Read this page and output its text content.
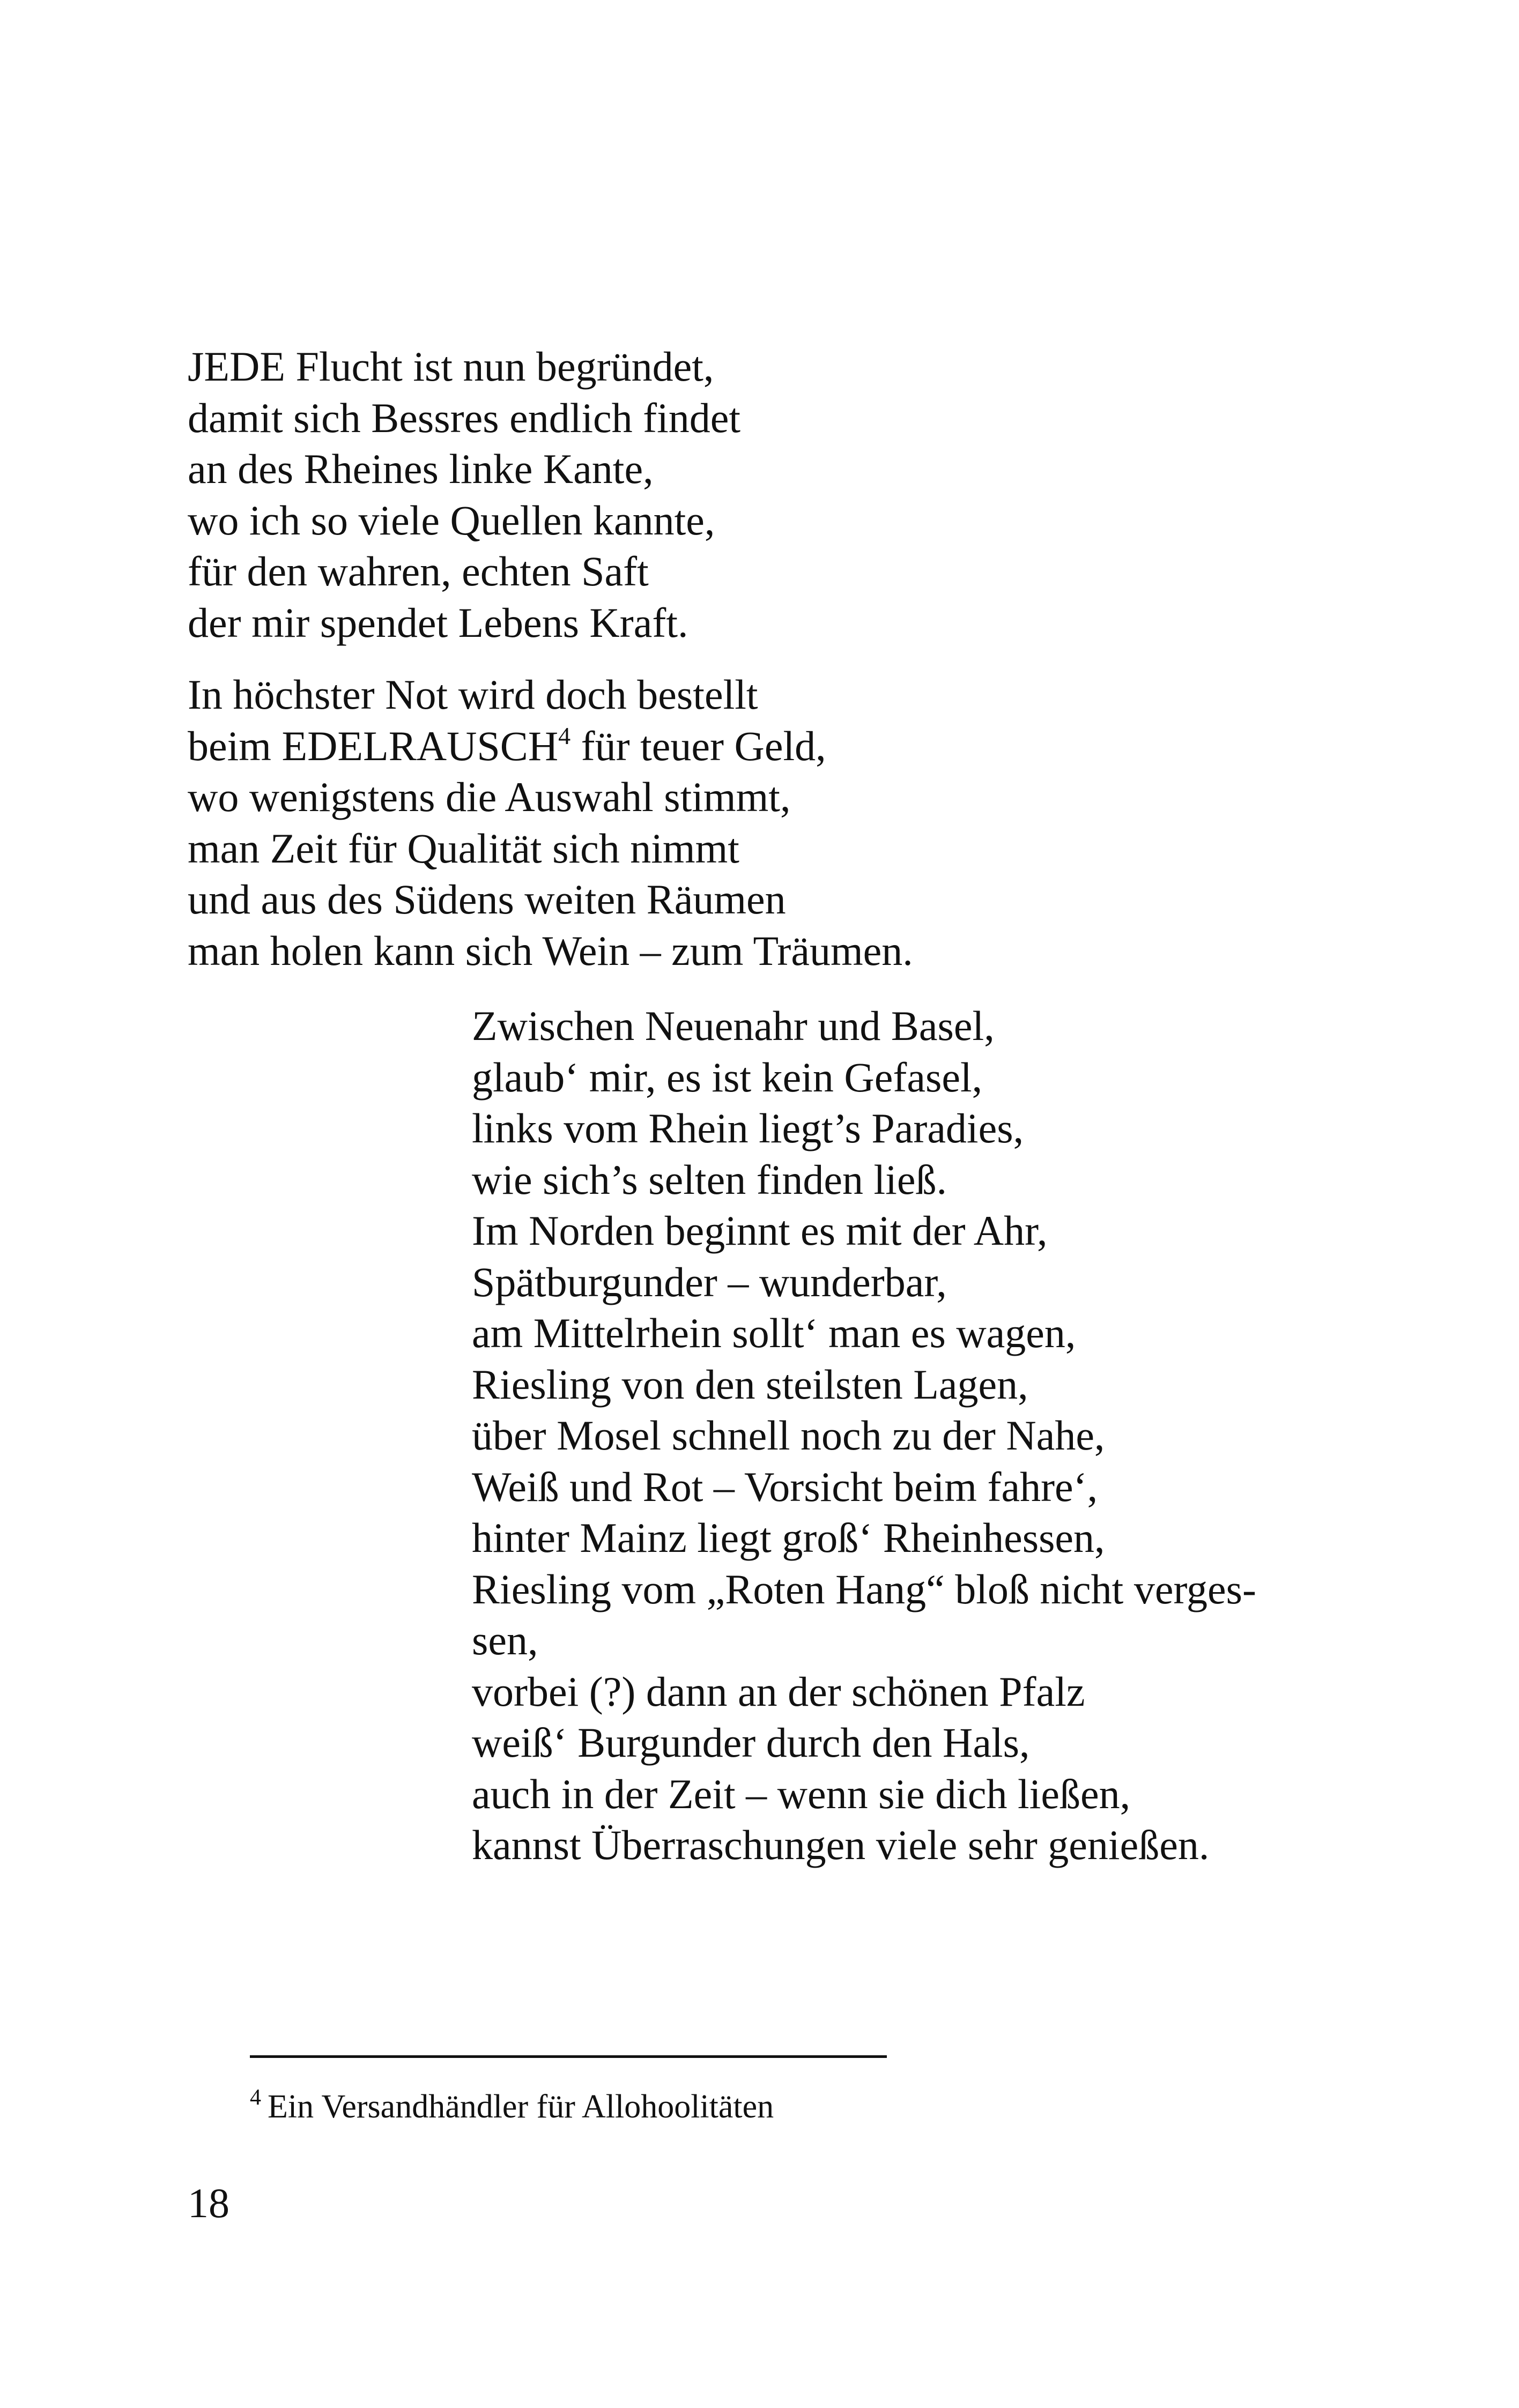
JEDE Flucht ist nun begründet,
damit sich Bessres endlich findet
an des Rheines linke Kante,
wo ich so viele Quellen kannte,
für den wahren, echten Saft
der mir spendet Lebens Kraft.
In höchster Not wird doch bestellt
beim EDELRAUSCH$^4$ für teuer Geld,
wo wenigstens die Auswahl stimmt,
man Zeit für Qualität sich nimmt
und aus des Südens weiten Räumen
man holen kann sich Wein – zum Träumen.
Zwischen Neuenahr und Basel,
glaub‘ mir, es ist kein Gefasel,
links vom Rhein liegt’s Paradies,
wie sich’s selten finden ließ.
Im Norden beginnt es mit der Ahr,
Spätburgunder – wunderbar,
am Mittelrhein sollt‘ man es wagen,
Riesling von den steilsten Lagen,
über Mosel schnell noch zu der Nahe,
Weiß und Rot – Vorsicht beim fahre‘,
hinter Mainz liegt groß‘ Rheinhessen,
Riesling vom „Roten Hang“ bloß nicht verges-
sen,
vorbei (?) dann an der schönen Pfalz
weiß‘ Burgunder durch den Hals,
auch in der Zeit – wenn sie dich ließen,
kannst Überraschungen viele sehr genießen.
$^4$ Ein Versandhändler für Allohoolitäten
18
